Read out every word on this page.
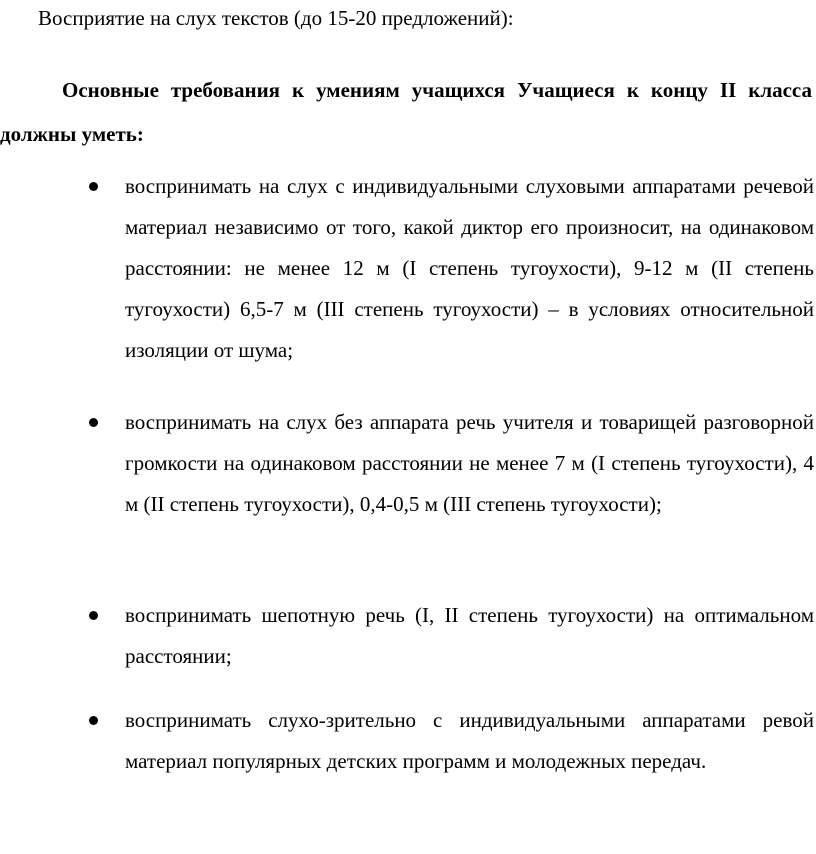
Восприятие на слух текстов (до 15-20 предложений):
Основные требования к умениям учащихся Учащиеся к концу II класса должны уметь:
воспринимать на слух с индивидуальными слуховыми аппаратами речевой материал независимо от того, какой диктор его произносит, на одинаковом расстоянии: не менее 12 м (I степень тугоухости), 9-12 м (II степень тугоухости) 6,5-7 м (III степень тугоухости) – в условиях относительной изоляции от шума;
воспринимать на слух без аппарата речь учителя и товарищей разговорной громкости на одинаковом расстоянии не менее 7 м (I степень тугоухости), 4 м (II степень тугоухости), 0,4-0,5 м (III степень тугоухости);
воспринимать шепотную речь (I, II степень тугоухости) на оптимальном расстоянии;
воспринимать слухо-зрительно с индивидуальными аппаратами ревой материал популярных детских программ и молодежных передач.
